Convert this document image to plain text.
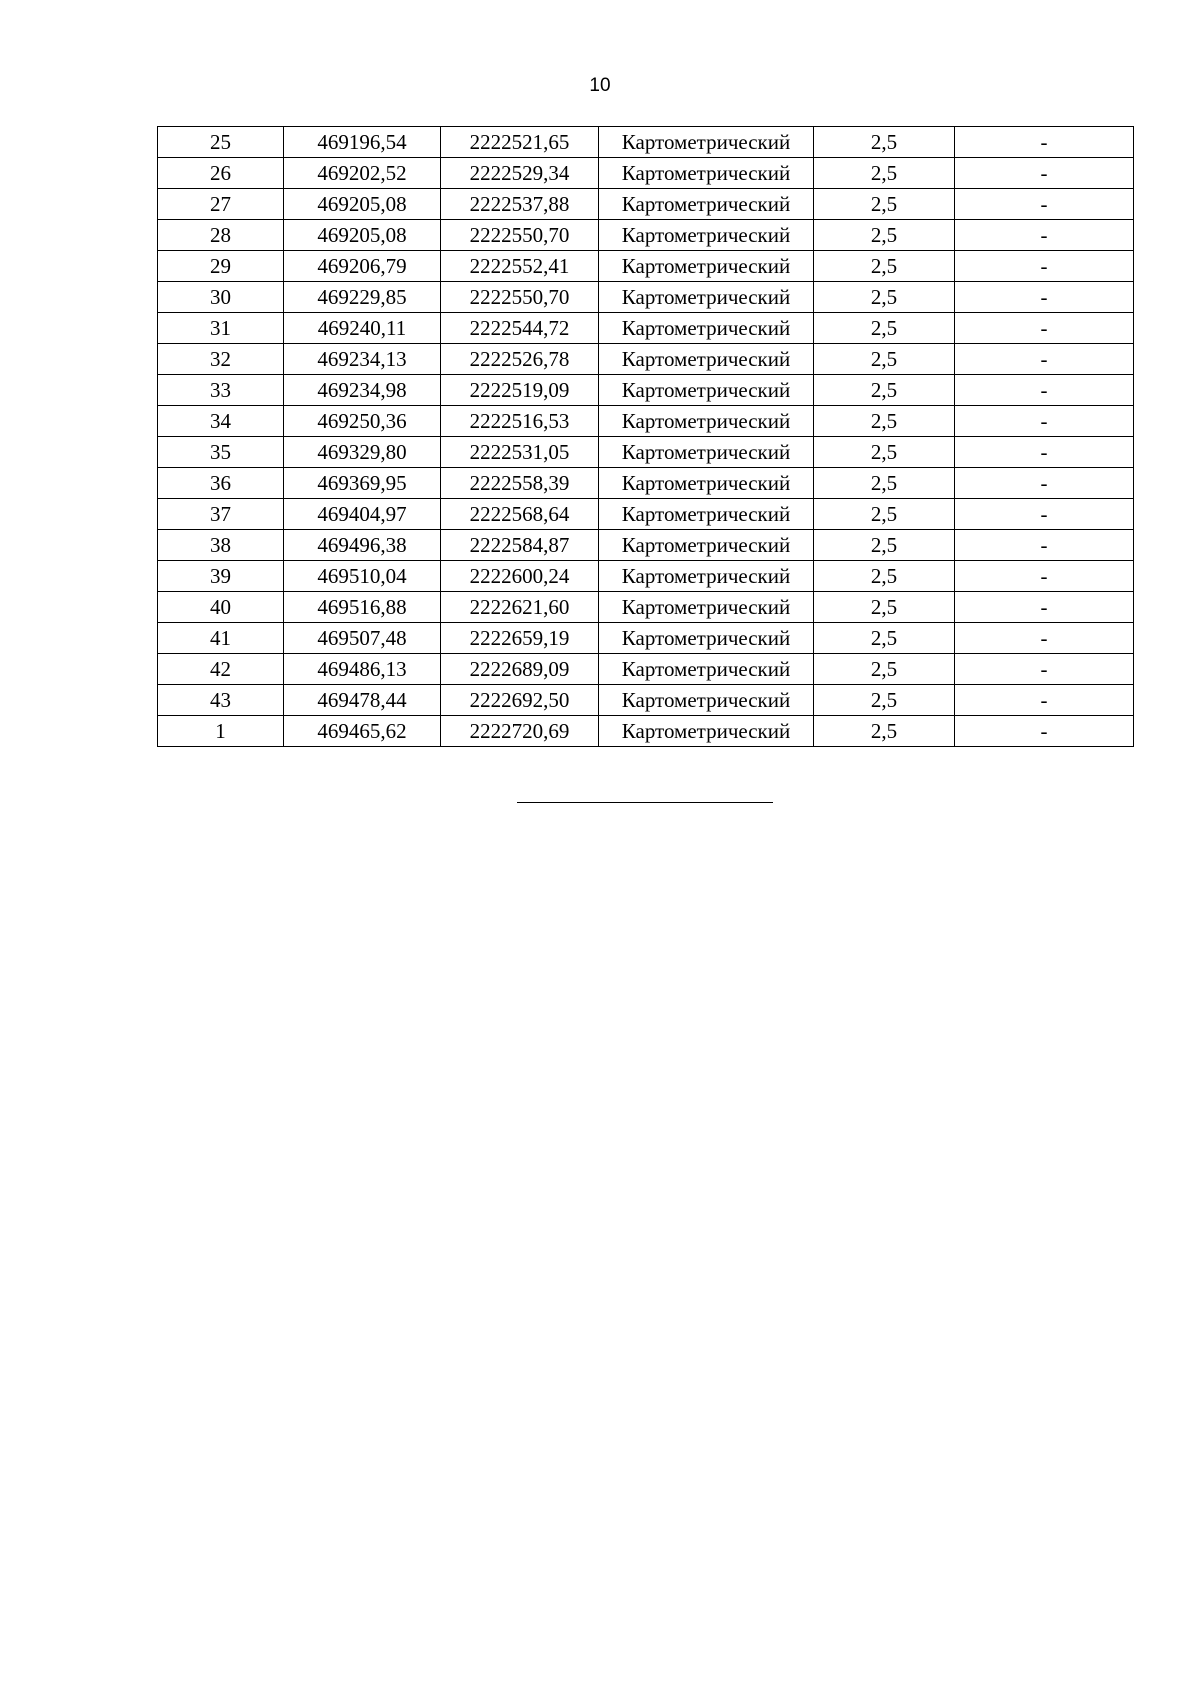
10
25	469196,54	2222521,65	Картометрический	2,5	-
26	469202,52	2222529,34	Картометрический	2,5	-
27	469205,08	2222537,88	Картометрический	2,5	-
28	469205,08	2222550,70	Картометрический	2,5	-
29	469206,79	2222552,41	Картометрический	2,5	-
30	469229,85	2222550,70	Картометрический	2,5	-
31	469240,11	2222544,72	Картометрический	2,5	-
32	469234,13	2222526,78	Картометрический	2,5	-
33	469234,98	2222519,09	Картометрический	2,5	-
34	469250,36	2222516,53	Картометрический	2,5	-
35	469329,80	2222531,05	Картометрический	2,5	-
36	469369,95	2222558,39	Картометрический	2,5	-
37	469404,97	2222568,64	Картометрический	2,5	-
38	469496,38	2222584,87	Картометрический	2,5	-
39	469510,04	2222600,24	Картометрический	2,5	-
40	469516,88	2222621,60	Картометрический	2,5	-
41	469507,48	2222659,19	Картометрический	2,5	-
42	469486,13	2222689,09	Картометрический	2,5	-
43	469478,44	2222692,50	Картометрический	2,5	-
1	469465,62	2222720,69	Картометрический	2,5	-
